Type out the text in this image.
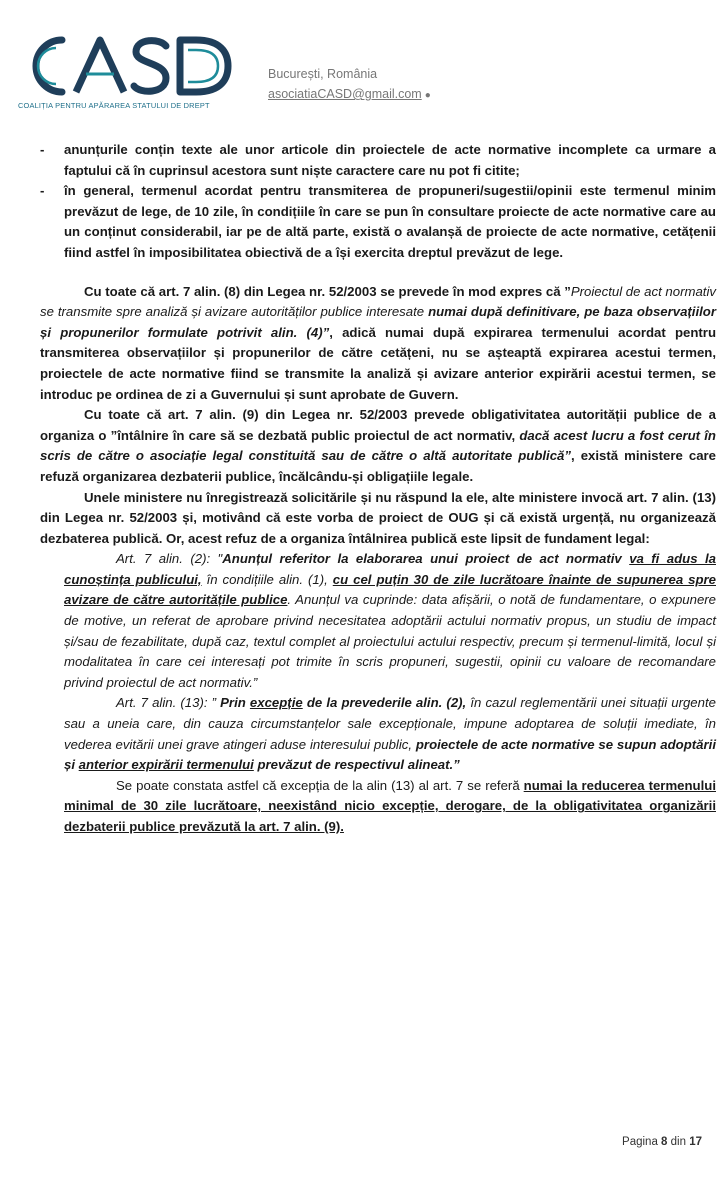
COALIȚIA PENTRU APĂRAREA STATULUI DE DREPT
București, România
asociatiaCASD@gmail.com ●

- anunțurile conțin texte ale unor articole din proiectele de acte normative incomplete ca urmare a faptului că în cuprinsul acestora sunt niște caractere care nu pot fi citite;

- în general, termenul acordat pentru transmiterea de propuneri/sugestii/opinii este termenul minim prevăzut de lege, de 10 zile, în condițiile în care se pun în consultare proiecte de acte normative care au un conținut considerabil, iar pe de altă parte, există o avalanșă de proiecte de acte normative, cetățenii fiind astfel în imposibilitatea obiectivă de a își exercita dreptul prevăzut de lege.

Cu toate că art. 7 alin. (8) din Legea nr. 52/2003 se prevede în mod expres că ”Proiectul de act normativ se transmite spre analiză și avizare autorităților publice interesate numai după definitivare, pe baza observațiilor și propunerilor formulate potrivit alin. (4)”, adică numai după expirarea termenului acordat pentru transmiterea observațiilor și propunerilor de către cetățeni, nu se așteaptă expirarea acestui termen, proiectele de acte normative fiind se transmite la analiză și avizare anterior expirării acestui termen, se introduc pe ordinea de zi a Guvernului și sunt aprobate de Guvern.

Cu toate că art. 7 alin. (9) din Legea nr. 52/2003 prevede obligativitatea autorității publice de a organiza o ”întâlnire în care să se dezbată public proiectul de act normativ, dacă acest lucru a fost cerut în scris de către o asociație legal constituită sau de către o altă autoritate publică”, există ministere care refuză organizarea dezbaterii publice, încălcându-și obligațiile legale.

Unele ministere nu înregistrează solicitările și nu răspund la ele, alte ministere invocă art. 7 alin. (13) din Legea nr. 52/2003 și, motivând că este vorba de proiect de OUG și că există urgență, nu organizează dezbaterea publică. Or, acest refuz de a organiza întâlnirea publică este lipsit de fundament legal:

Art. 7 alin. (2): "Anunțul referitor la elaborarea unui proiect de act normativ va fi adus la cunoștința publicului, în condițiile alin. (1), cu cel puțin 30 de zile lucrătoare înainte de supunerea spre avizare de către autoritățile publice. Anunțul va cuprinde: data afișării, o notă de fundamentare, o expunere de motive, un referat de aprobare privind necesitatea adoptării actului normativ propus, un studiu de impact și/sau de fezabilitate, după caz, textul complet al proiectului actului respectiv, precum și termenul-limită, locul și modalitatea în care cei interesați pot trimite în scris propuneri, sugestii, opinii cu valoare de recomandare privind proiectul de act normativ.”

Art. 7 alin. (13): ” Prin excepție de la prevederile alin. (2), în cazul reglementării unei situații urgente sau a uneia care, din cauza circumstanțelor sale excepționale, impune adoptarea de soluții imediate, în vederea evitării unei grave atingeri aduse interesului public, proiectele de acte normative se supun adoptării și anterior expirării termenului prevăzut de respectivul alineat.”

Se poate constata astfel că excepția de la alin (13) al art. 7 se referă numai la reducerea termenului minimal de 30 zile lucrătoare, neexistând nicio excepție, derogare, de la obligativitatea organizării dezbaterii publice prevăzută la art. 7 alin. (9).

Pagina 8 din 17
